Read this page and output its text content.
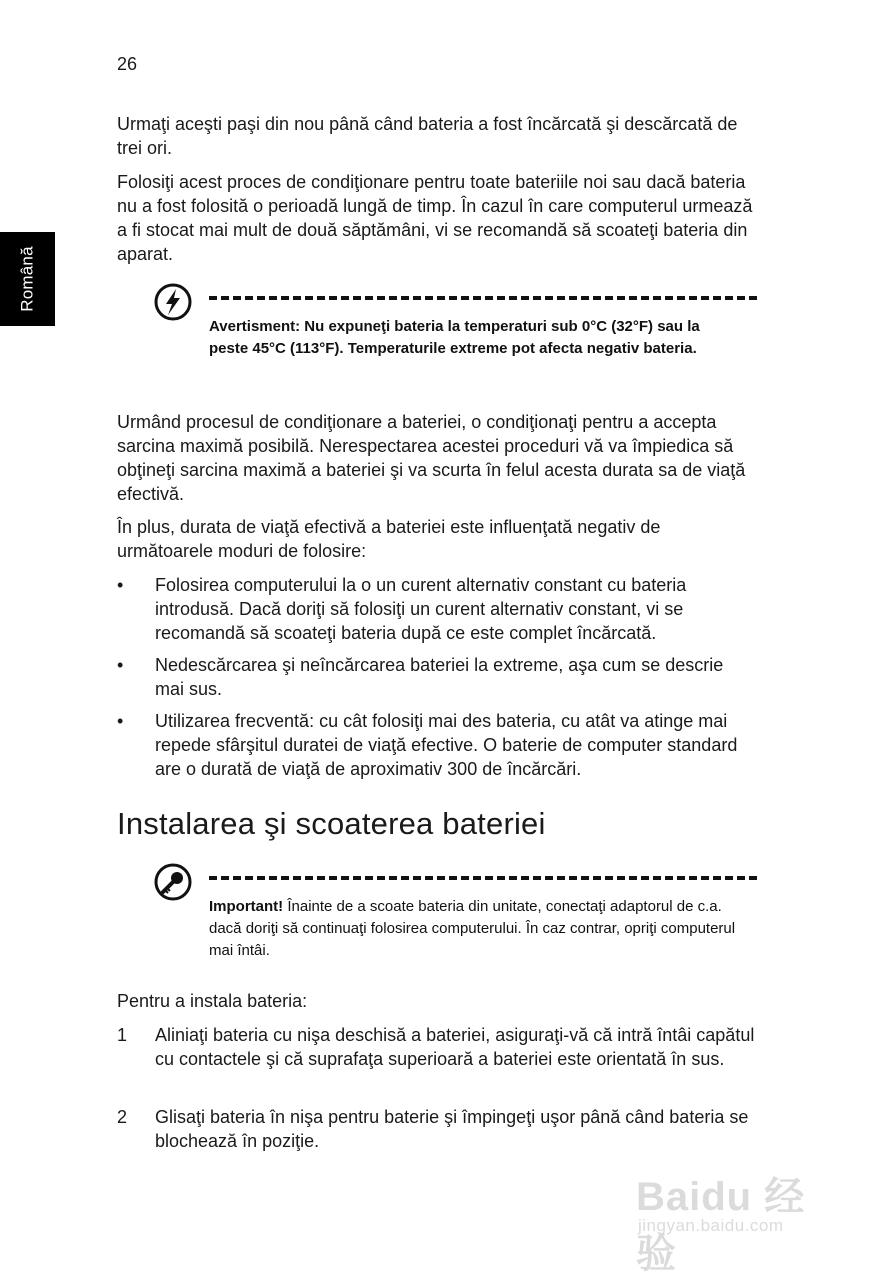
26
Română

Urmaţi aceşti paşi din nou până când bateria a fost încărcată şi descărcată de trei ori.

Folosiţi acest proces de condiţionare pentru toate bateriile noi sau dacă bateria nu a fost folosită o perioadă lungă de timp. În cazul în care computerul urmează a fi stocat mai mult de două săptămâni, vi se recomandă să scoateţi bateria din aparat.

Avertisment: Nu expuneţi bateria la temperaturi sub 0°C (32°F) sau la peste 45°C (113°F). Temperaturile extreme pot afecta negativ bateria.

Urmând procesul de condiţionare a bateriei, o condiţionaţi pentru a accepta sarcina maximă posibilă. Nerespectarea acestei proceduri vă va împiedica să obţineţi sarcina maximă a bateriei şi va scurta în felul acesta durata sa de viaţă efectivă.

În plus, durata de viaţă efectivă a bateriei este influenţată negativ de următoarele moduri de folosire:

•	Folosirea computerului la o un curent alternativ constant cu bateria introdusă. Dacă doriţi să folosiţi un curent alternativ constant, vi se recomandă să scoateţi bateria după ce este complet încărcată.
•	Nedescărcarea şi neîncărcarea bateriei la extreme, aşa cum se descrie mai sus.
•	Utilizarea frecventă: cu cât folosiţi mai des bateria, cu atât va atinge mai repede sfârşitul duratei de viaţă efective. O baterie de computer standard are o durată de viaţă de aproximativ 300 de încărcări.
Instalarea şi scoaterea bateriei
Important! Înainte de a scoate bateria din unitate, conectaţi adaptorul de c.a. dacă doriţi să continuaţi folosirea computerului. În caz contrar, opriţi computerul mai întâi.

Pentru a instala bateria:

1	Aliniaţi bateria cu nişa deschisă a bateriei, asiguraţi-vă că intră întâi capătul cu contactele şi că suprafaţa superioară a bateriei este orientată în sus.
2	Glisaţi bateria în nişa pentru baterie şi împingeţi uşor până când bateria se blochează în poziţie.
Baidu 经验
jingyan.baidu.com
